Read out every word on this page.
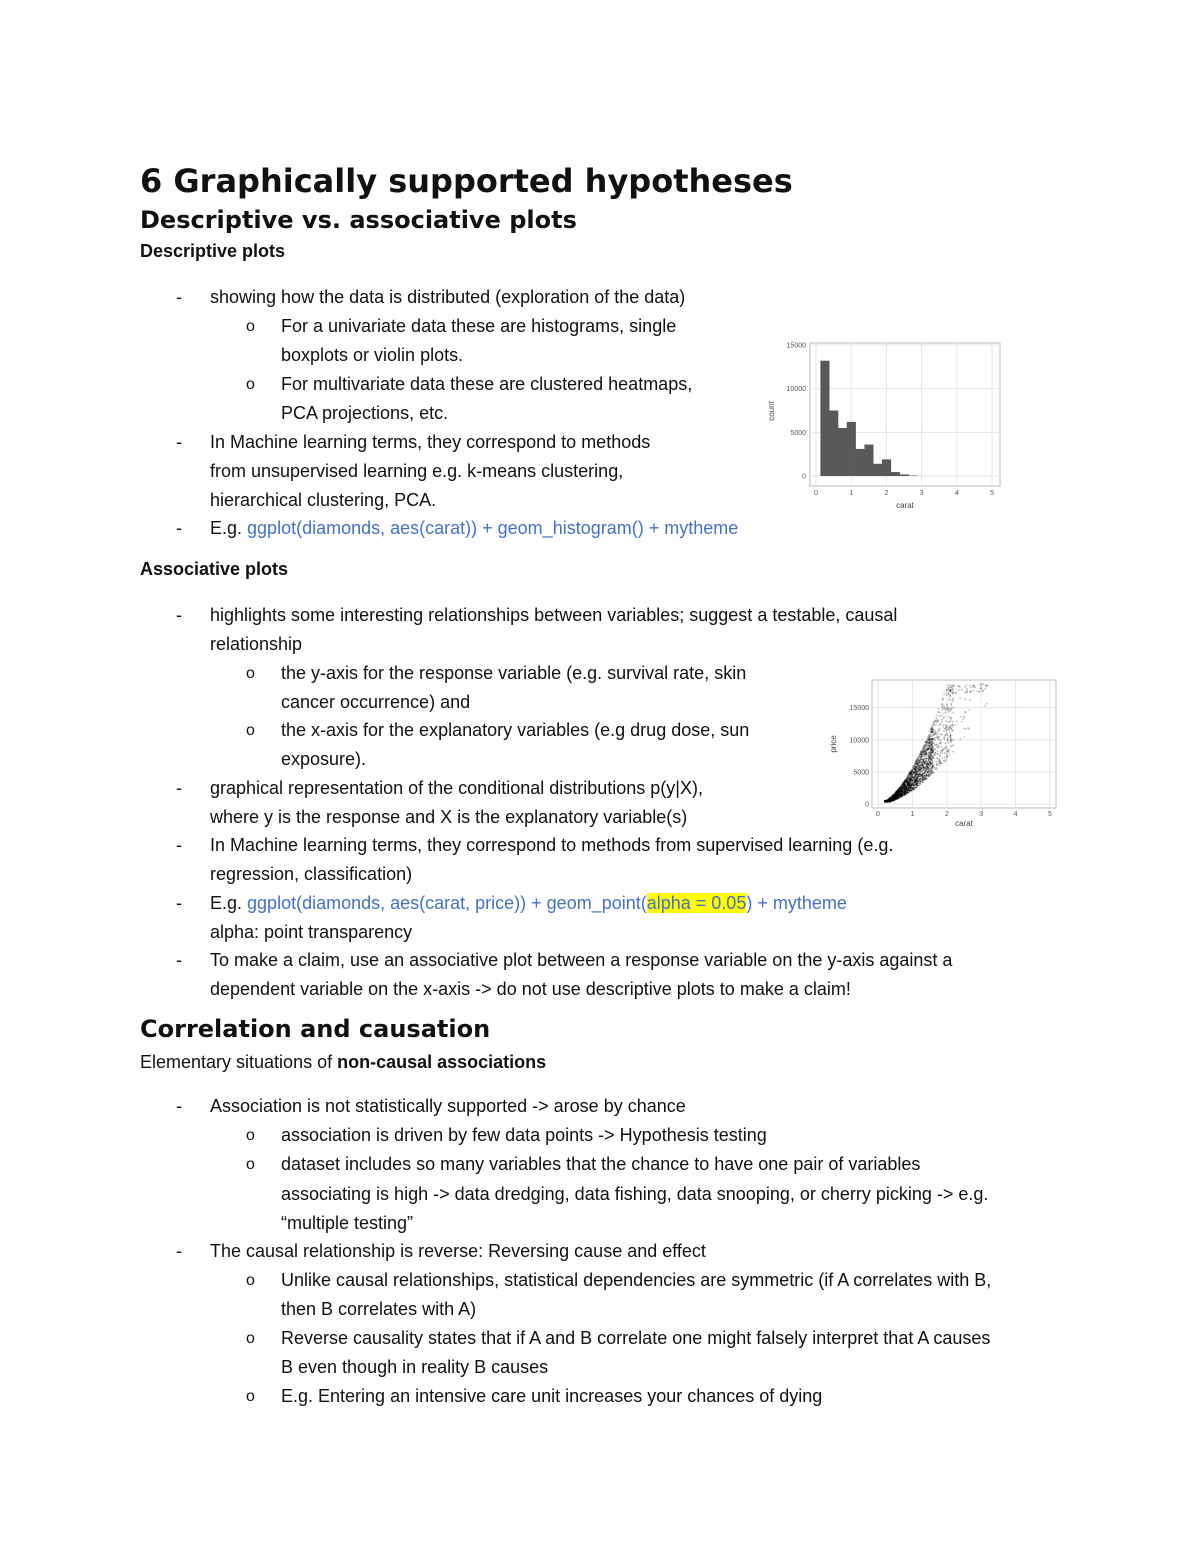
6 Graphically supported hypotheses
Descriptive vs. associative plots
Descriptive plots
- showing how the data is distributed (exploration of the data)
o For a univariate data these are histograms, single
boxplots or violin plots.
o For multivariate data these are clustered heatmaps,
PCA projections, etc.
- In Machine learning terms, they correspond to methods
from unsupervised learning e.g. k-means clustering,
hierarchical clustering, PCA.
- E.g. ggplot(diamonds, aes(carat)) + geom_histogram() + mytheme
0	1	2	3	4	5
0
5000
10000
15000
carat
count
Associative plots
- highlights some interesting relationships between variables; suggest a testable, causal
relationship
o the y-axis for the response variable (e.g. survival rate, skin
cancer occurrence) and
o the x-axis for the explanatory variables (e.g drug dose, sun
exposure).
- graphical representation of the conditional distributions p(y|X),
where y is the response and X is the explanatory variable(s)
- In Machine learning terms, they correspond to methods from supervised learning (e.g.
regression, classification)
- E.g. ggplot(diamonds, aes(carat, price)) + geom_point(alpha = 0.05) + mytheme
alpha: point transparency
- To make a claim, use an associative plot between a response variable on the y-axis against a
dependent variable on the x-axis -> do not use descriptive plots to make a claim!
0	1	2	3	4	5
0
5000
10000
15000
carat
price
Correlation and causation
Elementary situations of non-causal associations
- Association is not statistically supported -> arose by chance
o association is driven by few data points -> Hypothesis testing
o dataset includes so many variables that the chance to have one pair of variables
associating is high -> data dredging, data fishing, data snooping, or cherry picking -> e.g.
“multiple testing”
- The causal relationship is reverse: Reversing cause and effect
o Unlike causal relationships, statistical dependencies are symmetric (if A correlates with B,
then B correlates with A)
o Reverse causality states that if A and B correlate one might falsely interpret that A causes
B even though in reality B causes
o E.g. Entering an intensive care unit increases your chances of dying
